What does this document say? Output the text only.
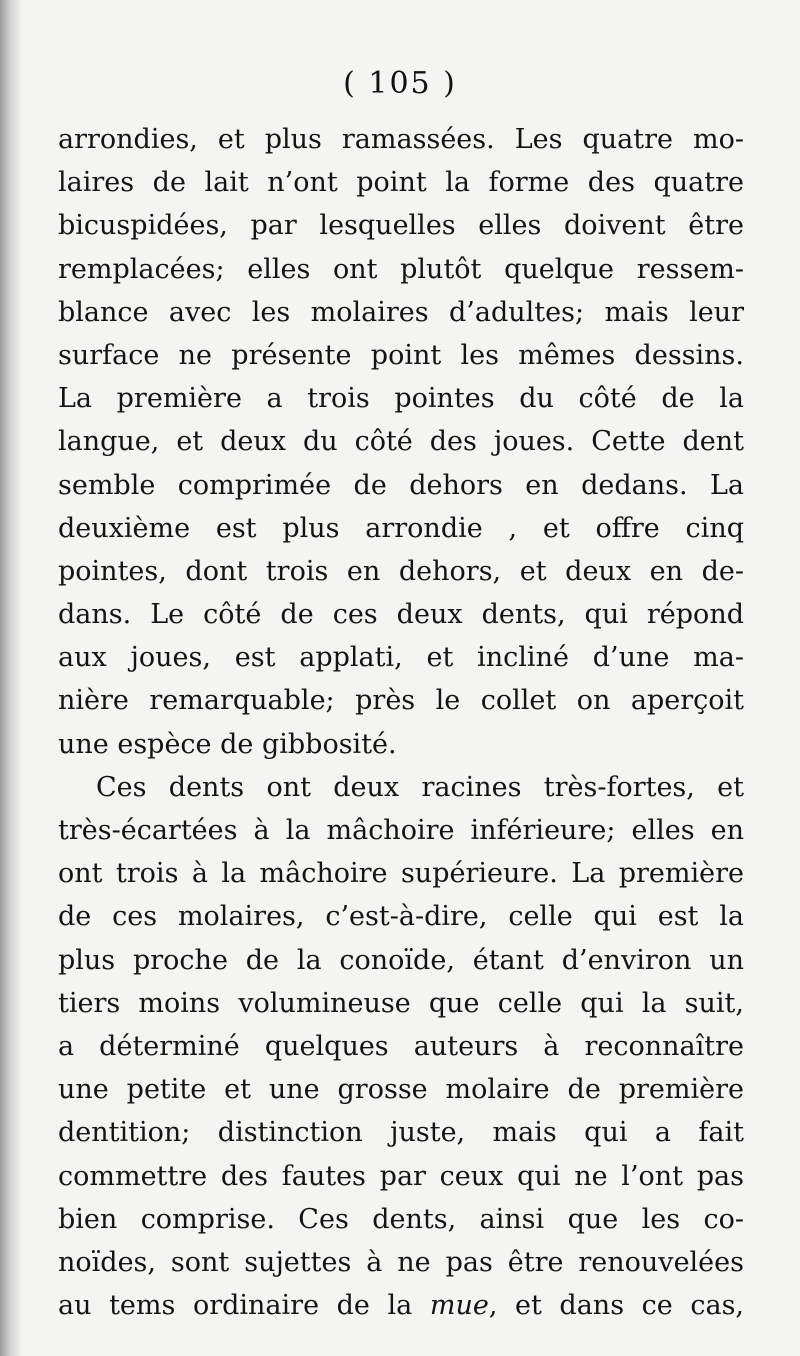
( 105 )
arrondies, et plus ramassées. Les quatre mo-
laires de lait n’ont point la forme des quatre
bicuspidées, par lesquelles elles doivent être
remplacées; elles ont plutôt quelque ressem-
blance avec les molaires d’adultes; mais leur
surface ne présente point les mêmes dessins.
La première a trois pointes du côté de la
langue, et deux du côté des joues. Cette dent
semble comprimée de dehors en dedans. La
deuxième est plus arrondie , et offre cinq
pointes, dont trois en dehors, et deux en de-
dans. Le côté de ces deux dents, qui répond
aux joues, est applati, et incliné d’une ma-
nière remarquable; près le collet on aperçoit
une espèce de gibbosité.
Ces dents ont deux racines très-fortes, et
très-écartées à la mâchoire inférieure; elles en
ont trois à la mâchoire supérieure. La première
de ces molaires, c’est-à-dire, celle qui est la
plus proche de la conoïde, étant d’environ un
tiers moins volumineuse que celle qui la suit,
a déterminé quelques auteurs à reconnaître
une petite et une grosse molaire de première
dentition; distinction juste, mais qui a fait
commettre des fautes par ceux qui ne l’ont pas
bien comprise. Ces dents, ainsi que les co-
noïdes, sont sujettes à ne pas être renouvelées
au tems ordinaire de la mue, et dans ce cas,
